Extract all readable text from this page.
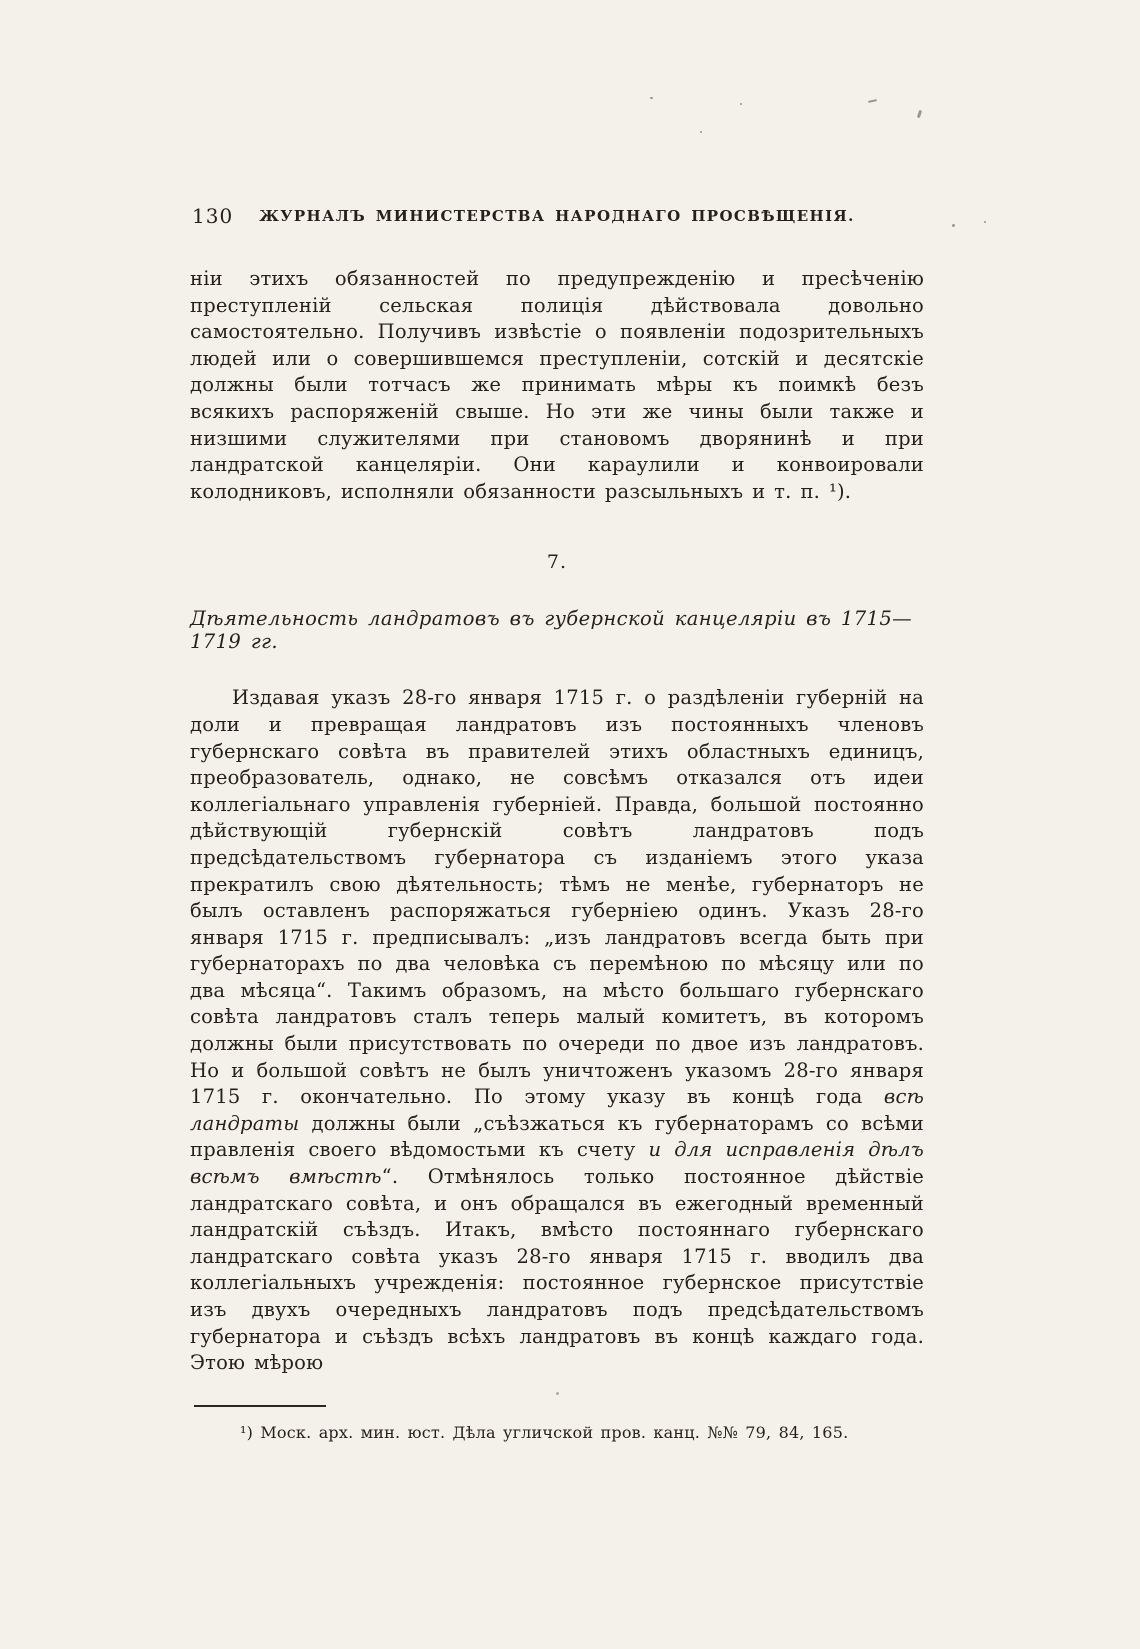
130 ЖУРНАЛЪ МИНИСТЕРСТВА НАРОДНАГО ПРОСВѢЩЕНІЯ.

ніи этихъ обязанностей по предупрежденію и пресѣченію преступленій сельская полиція дѣйствовала довольно самостоятельно. Получивъ извѣстіе о появленіи подозрительныхъ людей или о совершившемся преступленіи, сотскій и десятскіе должны были тотчасъ же принимать мѣры къ поимкѣ безъ всякихъ распоряженій свыше. Но эти же чины были также и низшими служителями при становомъ дворянинѣ и при ландратской канцеляріи. Они караулили и конвоировали колодниковъ, исполняли обязанности разсыльныхъ и т. п. ¹).

7.
Дѣятельность ландратовъ въ губернской канцеляріи въ 1715—1719 гг.

Издавая указъ 28-го января 1715 г. о раздѣленіи губерній на доли и превращая ландратовъ изъ постоянныхъ членовъ губернскаго совѣта въ правителей этихъ областныхъ единицъ, преобразователь, однако, не совсѣмъ отказался отъ идеи коллегіальнаго управленія губерніей. Правда, большой постоянно дѣйствующій губернскій совѣтъ ландратовъ подъ предсѣдательствомъ губернатора съ изданіемъ этого указа прекратилъ свою дѣятельность; тѣмъ не менѣе, губернаторъ не былъ оставленъ распоряжаться губерніею одинъ. Указъ 28-го января 1715 г. предписывалъ: „изъ ландратовъ всегда быть при губернаторахъ по два человѣка съ перемѣною по мѣсяцу или по два мѣсяца“. Такимъ образомъ, на мѣсто большаго губернскаго совѣта ландратовъ сталъ теперь малый комитетъ, въ которомъ должны были присутствовать по очереди по двое изъ ландратовъ. Но и большой совѣтъ не былъ уничтоженъ указомъ 28-го января 1715 г. окончательно. По этому указу въ концѣ года всѣ ландраты должны были „съѣзжаться къ губернаторамъ со всѣми правленія своего вѣдомостьми къ счету и для исправленія дѣлъ всѣмъ вмѣстѣ“. Отмѣнялось только постоянное дѣйствіе ландратскаго совѣта, и онъ обращался въ ежегодный временный ландратскій съѣздъ. Итакъ, вмѣсто постояннаго губернскаго ландратскаго совѣта указъ 28-го января 1715 г. вводилъ два коллегіальныхъ учрежденія: постоянное губернское присутствіе изъ двухъ очередныхъ ландратовъ подъ предсѣдательствомъ губернатора и съѣздъ всѣхъ ландратовъ въ концѣ каждаго года. Этою мѣрою

¹) Моск. арх. мин. юст. Дѣла угличской пров. канц. №№ 79, 84, 165.
